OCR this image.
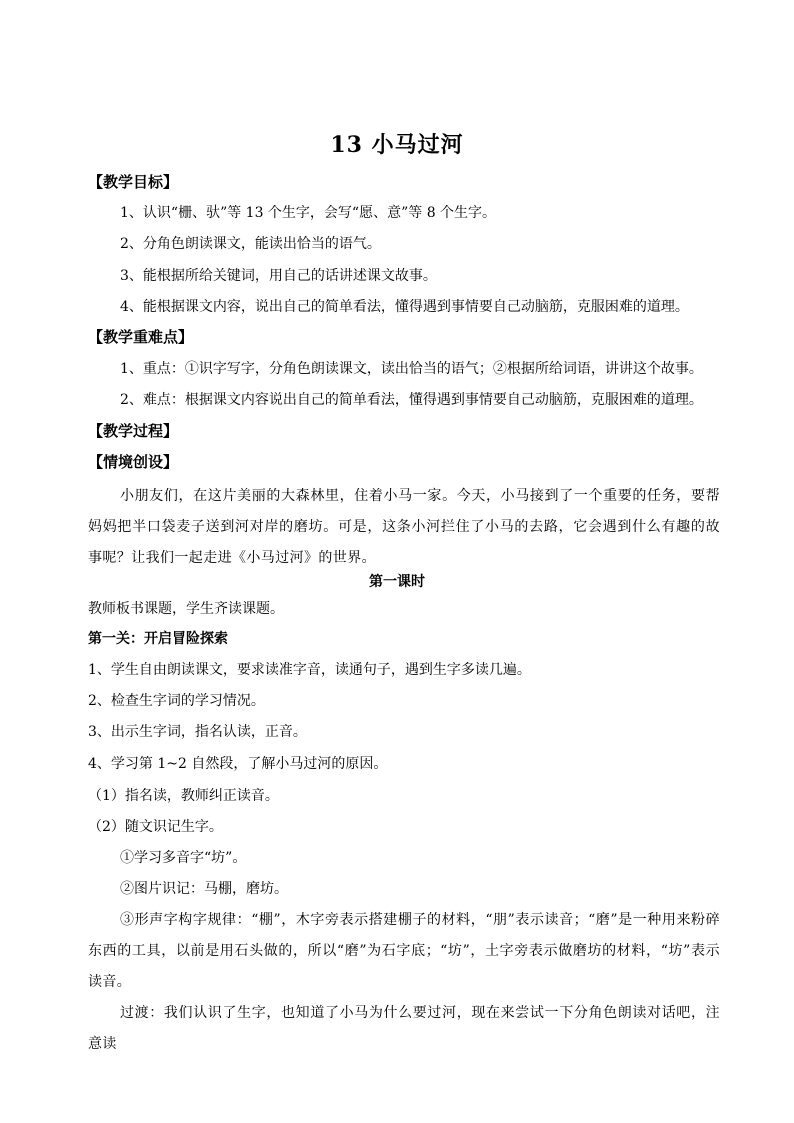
13 小马过河
【教学目标】
1、认识“栅、驮”等 13 个生字，会写“愿、意”等 8 个生字。
2、分角色朗读课文，能读出恰当的语气。
3、能根据所给关键词，用自己的话讲述课文故事。
4、能根据课文内容，说出自己的简单看法，懂得遇到事情要自己动脑筋，克服困难的道理。
【教学重难点】
1、重点：①识字写字，分角色朗读课文，读出恰当的语气；②根据所给词语，讲讲这个故事。
2、难点：根据课文内容说出自己的简单看法，懂得遇到事情要自己动脑筋，克服困难的道理。
【教学过程】
【情境创设】
小朋友们，在这片美丽的大森林里，住着小马一家。今天，小马接到了一个重要的任务，要帮妈妈把半口袋麦子送到河对岸的磨坊。可是，这条小河拦住了小马的去路，它会遇到什么有趣的故事呢？让我们一起走进《小马过河》的世界。
第一课时
教师板书课题，学生齐读课题。
第一关：开启冒险探索
1、学生自由朗读课文，要求读准字音，读通句子，遇到生字多读几遍。
2、检查生字词的学习情况。
3、出示生字词，指名认读，正音。
4、学习第 1~2 自然段，了解小马过河的原因。
（1）指名读，教师纠正读音。
（2）随文识记生字。
①学习多音字“坊”。
②图片识记：马棚，磨坊。
③形声字构字规律：“棚”，木字旁表示搭建棚子的材料，“朋”表示读音；“磨”是一种用来粉碎东西的工具，以前是用石头做的，所以“磨”为石字底；“坊”，土字旁表示做磨坊的材料，“坊”表示读音。
过渡：我们认识了生字，也知道了小马为什么要过河，现在来尝试一下分角色朗读对话吧，注意读
